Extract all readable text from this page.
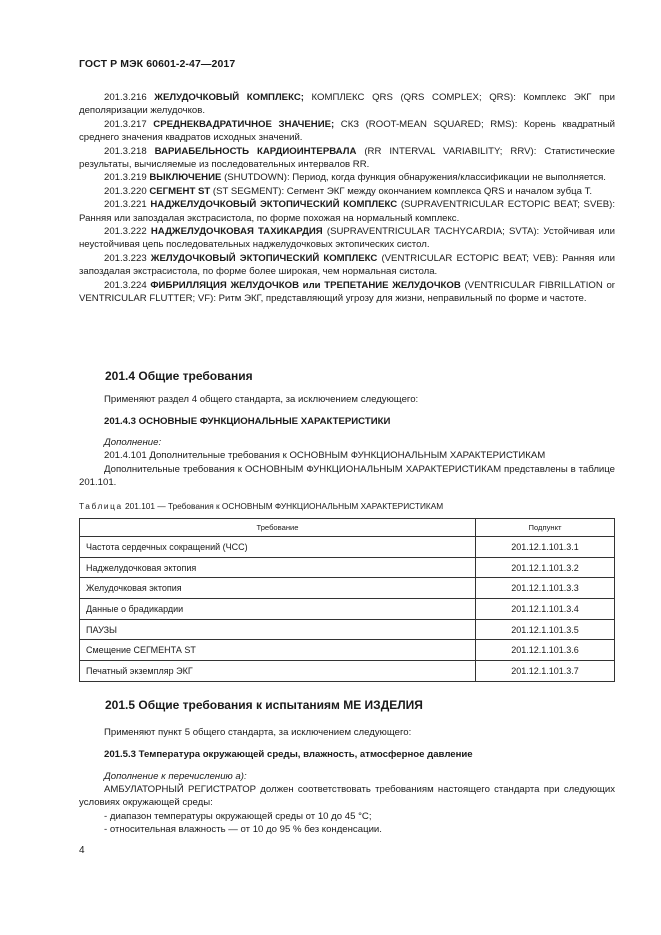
ГОСТ Р МЭК 60601-2-47—2017

201.3.216 ЖЕЛУДОЧКОВЫЙ КОМПЛЕКС; КОМПЛЕКС QRS (QRS COMPLEX; QRS): Комплекс ЭКГ при деполяризации желудочков.

201.3.217 СРЕДНЕКВАДРАТИЧНОЕ ЗНАЧЕНИЕ; СКЗ (ROOT-MEAN SQUARED; RMS): Корень квадратный среднего значения квадратов исходных значений.

201.3.218 ВАРИАБЕЛЬНОСТЬ КАРДИОИНТЕРВАЛА (RR INTERVAL VARIABILITY; RRV): Статистические результаты, вычисляемые из последовательных интервалов RR.

201.3.219 ВЫКЛЮЧЕНИЕ (SHUTDOWN): Период, когда функция обнаружения/классификации не выполняется.

201.3.220 СЕГМЕНТ ST (ST SEGMENT): Сегмент ЭКГ между окончанием комплекса QRS и началом зубца Т.

201.3.221 НАДЖЕЛУДОЧКОВЫЙ ЭКТОПИЧЕСКИЙ КОМПЛЕКС (SUPRAVENTRICULAR ECTOPIC BEAT; SVEB): Ранняя или запоздалая экстрасистола, по форме похожая на нормальный комплекс.

201.3.222 НАДЖЕЛУДОЧКОВАЯ ТАХИКАРДИЯ (SUPRAVENTRICULAR TACHYCARDIA; SVTA): Устойчивая или неустойчивая цепь последовательных наджелудочковых эктопических систол.

201.3.223 ЖЕЛУДОЧКОВЫЙ ЭКТОПИЧЕСКИЙ КОМПЛЕКС (VENTRICULAR ECTOPIC BEAT; VEB): Ранняя или запоздалая экстрасистола, по форме более широкая, чем нормальная систола.

201.3.224 ФИБРИЛЛЯЦИЯ ЖЕЛУДОЧКОВ или ТРЕПЕТАНИЕ ЖЕЛУДОЧКОВ (VENTRICULAR FIBRILLATION or VENTRICULAR FLUTTER; VF): Ритм ЭКГ, представляющий угрозу для жизни, неправильный по форме и частоте.

201.4 Общие требования
Применяют раздел 4 общего стандарта, за исключением следующего:
201.4.3 ОСНОВНЫЕ ФУНКЦИОНАЛЬНЫЕ ХАРАКТЕРИСТИКИ
Дополнение:
201.4.101 Дополнительные требования к ОСНОВНЫМ ФУНКЦИОНАЛЬНЫМ ХАРАКТЕРИСТИКАМ
Дополнительные требования к ОСНОВНЫМ ФУНКЦИОНАЛЬНЫМ ХАРАКТЕРИСТИКАМ представлены в таблице 201.101.
Таблица 201.101 — Требования к ОСНОВНЫМ ФУНКЦИОНАЛЬНЫМ ХАРАКТЕРИСТИКАМ
Требование	Подпункт
Частота сердечных сокращений (ЧСС)	201.12.1.101.3.1
Наджелудочковая эктопия	201.12.1.101.3.2
Желудочковая эктопия	201.12.1.101.3.3
Данные о брадикардии	201.12.1.101.3.4
ПАУЗЫ	201.12.1.101.3.5
Смещение СЕГМЕНТА ST	201.12.1.101.3.6
Печатный экземпляр ЭКГ	201.12.1.101.3.7
201.5 Общие требования к испытаниям МЕ ИЗДЕЛИЯ
Применяют пункт 5 общего стандарта, за исключением следующего:
201.5.3 Температура окружающей среды, влажность, атмосферное давление
Дополнение к перечислению а):
АМБУЛАТОРНЫЙ РЕГИСТРАТОР должен соответствовать требованиям настоящего стандарта при следующих условиях окружающей среды:
- диапазон температуры окружающей среды от 10 до 45 °С;
- относительная влажность — от 10 до 95 % без конденсации.
4
